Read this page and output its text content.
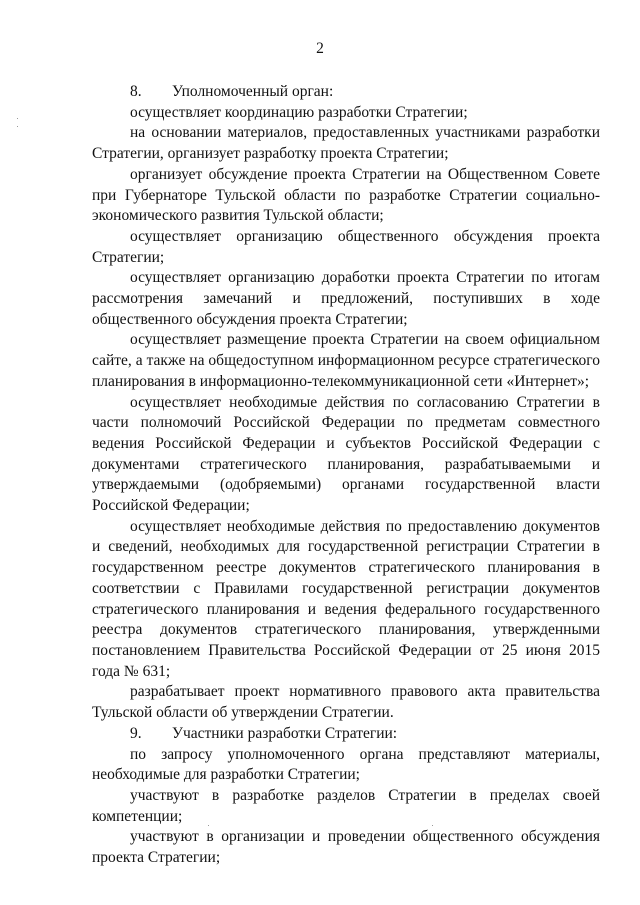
2

8. Уполномоченный орган:

осуществляет координацию разработки Стратегии;

на основании материалов, предоставленных участниками разработки Стратегии, организует разработку проекта Стратегии;

организует обсуждение проекта Стратегии на Общественном Совете при Губернаторе Тульской области по разработке Стратегии социально-экономического развития Тульской области;

осуществляет организацию общественного обсуждения проекта Стратегии;

осуществляет организацию доработки проекта Стратегии по итогам рассмотрения замечаний и предложений, поступивших в ходе общественного обсуждения проекта Стратегии;

осуществляет размещение проекта Стратегии на своем официальном сайте, а также на общедоступном информационном ресурсе стратегического планирования в информационно-телекоммуникационной сети «Интернет»;

осуществляет необходимые действия по согласованию Стратегии в части полномочий Российской Федерации по предметам совместного ведения Российской Федерации и субъектов Российской Федерации с документами стратегического планирования, разрабатываемыми и утверждаемыми (одобряемыми) органами государственной власти Российской Федерации;

осуществляет необходимые действия по предоставлению документов и сведений, необходимых для государственной регистрации Стратегии в государственном реестре документов стратегического планирования в соответствии с Правилами государственной регистрации документов стратегического планирования и ведения федерального государственного реестра документов стратегического планирования, утвержденными постановлением Правительства Российской Федерации от 25 июня 2015 года № 631;

разрабатывает проект нормативного правового акта правительства Тульской области об утверждении Стратегии.

9. Участники разработки Стратегии:

по запросу уполномоченного органа представляют материалы, необходимые для разработки Стратегии;

участвуют в разработке разделов Стратегии в пределах своей компетенции;

участвуют в организации и проведении общественного обсуждения проекта Стратегии;
